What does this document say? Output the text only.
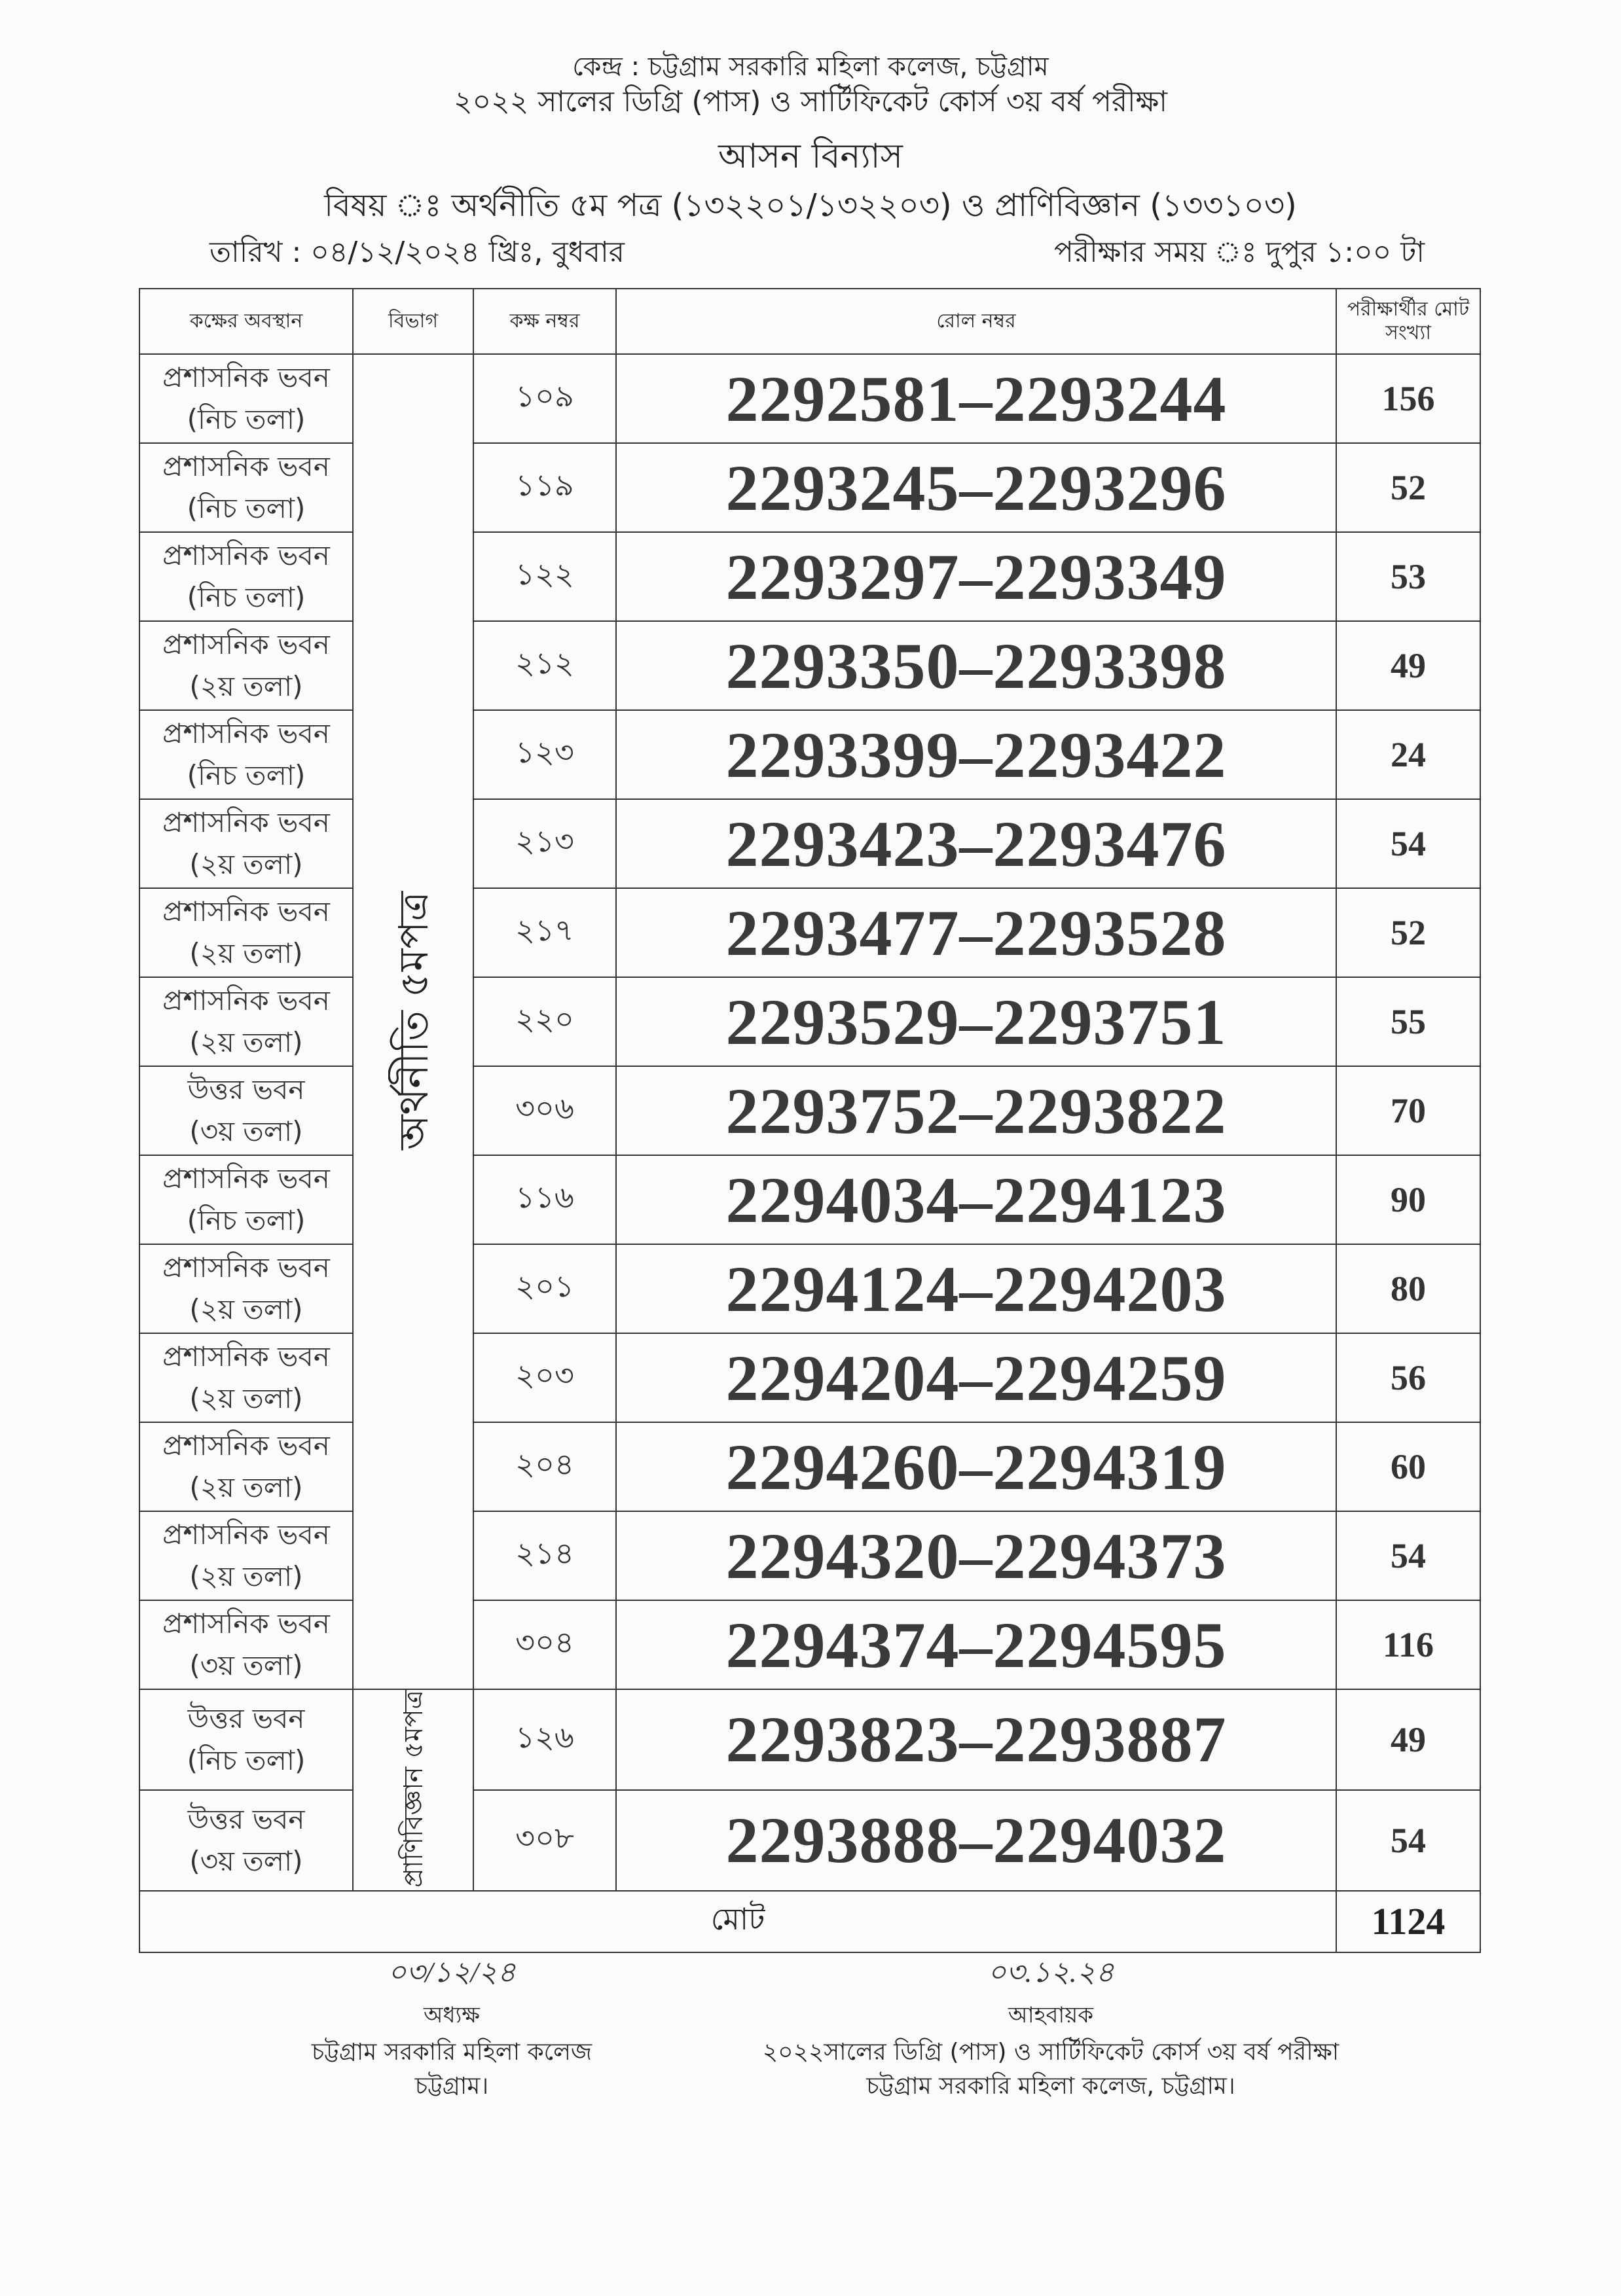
কেন্দ্র : চট্টগ্রাম সরকারি মহিলা কলেজ, চট্টগ্রাম
২০২২ সালের ডিগ্রি (পাস) ও সার্টিফিকেট কোর্স ৩য় বর্ষ পরীক্ষা
আসন বিন্যাস
বিষয় ঃ অর্থনীতি ৫ম পত্র (১৩২২০১/১৩২২০৩) ও প্রাণিবিজ্ঞান (১৩৩১০৩)
তারিখ : ০৪/১২/২০২৪ খ্রিঃ, বুধবার	পরীক্ষার সময় ঃ দুপুর ১:০০ টা
কক্ষের অবস্থান	বিভাগ	কক্ষ নম্বর	রোল নম্বর	পরীক্ষার্থীর মোট সংখ্যা

প্রশাসনিক ভবন
(নিচ তলা)	অর্থনীতি ৫মপত্র	১০৯	2292581–2293244	156

প্রশাসনিক ভবন
(নিচ তলা)		১১৯	2293245–2293296	52

প্রশাসনিক ভবন
(নিচ তলা)		১২২	2293297–2293349	53

প্রশাসনিক ভবন
(২য় তলা)		২১২	2293350–2293398	49

প্রশাসনিক ভবন
(নিচ তলা)		১২৩	2293399–2293422	24

প্রশাসনিক ভবন
(২য় তলা)		২১৩	2293423–2293476	54

প্রশাসনিক ভবন
(২য় তলা)		২১৭	2293477–2293528	52

প্রশাসনিক ভবন
(২য় তলা)		২২০	2293529–2293751	55

উত্তর ভবন
(৩য় তলা)		৩০৬	2293752–2293822	70

প্রশাসনিক ভবন
(নিচ তলা)		১১৬	2294034–2294123	90

প্রশাসনিক ভবন
(২য় তলা)		২০১	2294124–2294203	80

প্রশাসনিক ভবন
(২য় তলা)		২০৩	2294204–2294259	56

প্রশাসনিক ভবন
(২য় তলা)		২০৪	2294260–2294319	60

প্রশাসনিক ভবন
(২য় তলা)		২১৪	2294320–2294373	54

প্রশাসনিক ভবন
(৩য় তলা)		৩০৪	2294374–2294595	116

উত্তর ভবন
(নিচ তলা)	প্রাণিবিজ্ঞান ৫মপত্র	১২৬	2293823–2293887	49

উত্তর ভবন
(৩য় তলা)		৩০৮	2293888–2294032	54
মোট				1124
০৩/১২/২৪
অধ্যক্ষ
চট্টগ্রাম সরকারি মহিলা কলেজ
চট্টগ্রাম।
০৩.১২.২৪
আহবায়ক
২০২২সালের ডিগ্রি (পাস) ও সার্টিফিকেট কোর্স ৩য় বর্ষ পরীক্ষা
চট্টগ্রাম সরকারি মহিলা কলেজ, চট্টগ্রাম।
